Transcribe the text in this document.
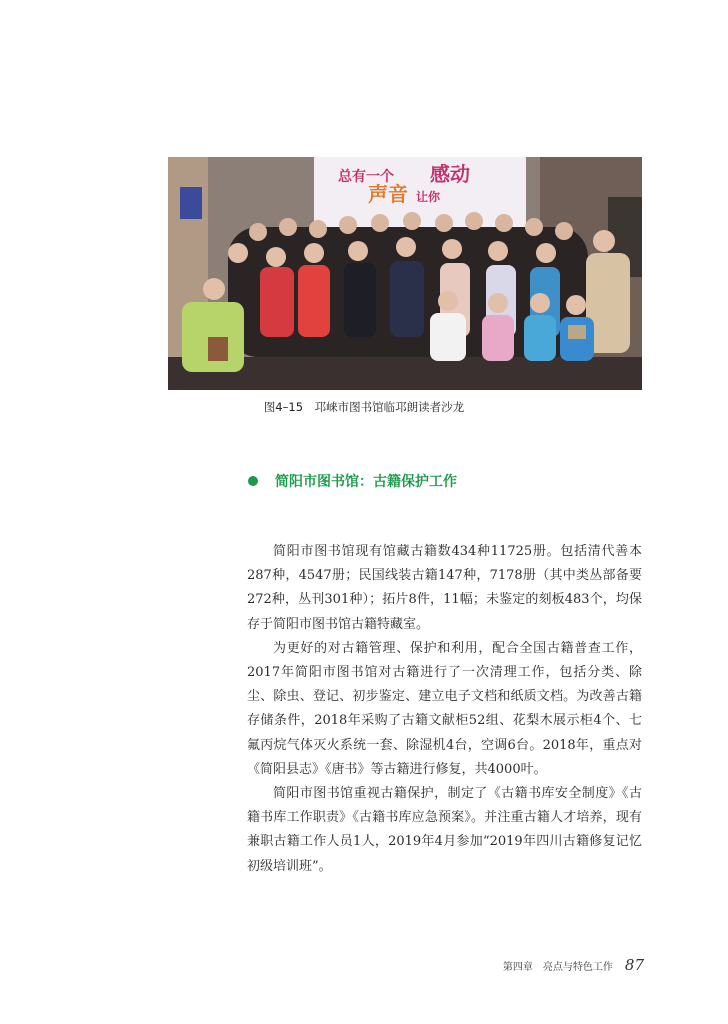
总有一个 感动
声音 让你
图4–15 邛崃市图书馆临邛朗读者沙龙
简阳市图书馆：古籍保护工作

简阳市图书馆现有馆藏古籍数434种11725册。包括清代善本287种，4547册；民国线装古籍147种，7178册（其中类丛部备要272种，丛刊301种）；拓片8件，11幅；未鉴定的刻板483个，均保存于简阳市图书馆古籍特藏室。

为更好的对古籍管理、保护和利用，配合全国古籍普查工作，2017年简阳市图书馆对古籍进行了一次清理工作，包括分类、除尘、除虫、登记、初步鉴定、建立电子文档和纸质文档。为改善古籍存储条件，2018年采购了古籍文献柜52组、花梨木展示柜4个、七氟丙烷气体灭火系统一套、除湿机4台，空调6台。2018年，重点对《简阳县志》《唐书》等古籍进行修复，共4000叶。

简阳市图书馆重视古籍保护，制定了《古籍书库安全制度》《古籍书库工作职责》《古籍书库应急预案》。并注重古籍人才培养，现有兼职古籍工作人员1人，2019年4月参加“2019年四川古籍修复记忆初级培训班”。

第四章　亮点与特色工作 87
